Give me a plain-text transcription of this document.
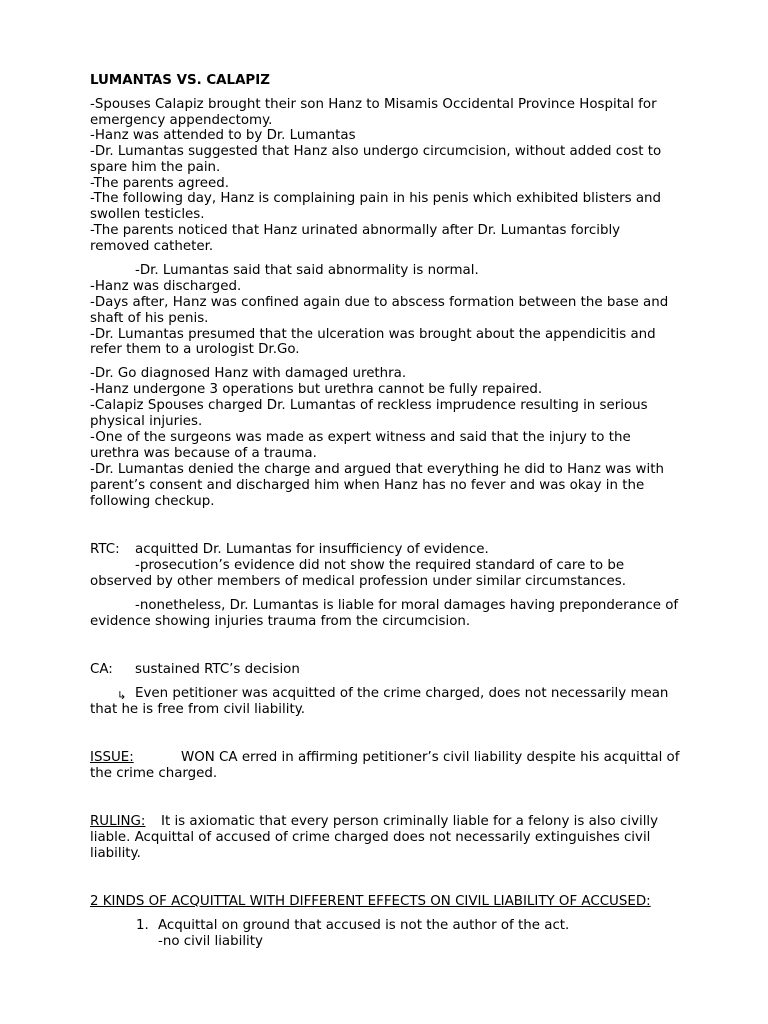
LUMANTAS VS. CALAPIZ
-Spouses Calapiz brought their son Hanz to Misamis Occidental Province Hospital for
emergency appendectomy.
-Hanz was attended to by Dr. Lumantas
-Dr. Lumantas suggested that Hanz also undergo circumcision, without added cost to
spare him the pain.
-The parents agreed.
-The following day, Hanz is complaining pain in his penis which exhibited blisters and
swollen testicles.
-The parents noticed that Hanz urinated abnormally after Dr. Lumantas forcibly
removed catheter.
-Dr. Lumantas said that said abnormality is normal.
-Hanz was discharged.
-Days after, Hanz was confined again due to abscess formation between the base and
shaft of his penis.
-Dr. Lumantas presumed that the ulceration was brought about the appendicitis and
refer them to a urologist Dr.Go.
-Dr. Go diagnosed Hanz with damaged urethra.
-Hanz undergone 3 operations but urethra cannot be fully repaired.
-Calapiz Spouses charged Dr. Lumantas of reckless imprudence resulting in serious
physical injuries.
-One of the surgeons was made as expert witness and said that the injury to the
urethra was because of a trauma.
-Dr. Lumantas denied the charge and argued that everything he did to Hanz was with
parent’s consent and discharged him when Hanz has no fever and was okay in the
following checkup.
RTC: acquitted Dr. Lumantas for insufficiency of evidence.
-prosecution’s evidence did not show the required standard of care to be
observed by other members of medical profession under similar circumstances.
-nonetheless, Dr. Lumantas is liable for moral damages having preponderance of
evidence showing injuries trauma from the circumcision.
CA: sustained RTC’s decision
↳ Even petitioner was acquitted of the crime charged, does not necessarily mean
that he is free from civil liability.
ISSUE:	WON CA erred in affirming petitioner’s civil liability despite his acquittal of
the crime charged.
RULING: It is axiomatic that every person criminally liable for a felony is also civilly
liable. Acquittal of accused of crime charged does not necessarily extinguishes civil
liability.
2 KINDS OF ACQUITTAL WITH DIFFERENT EFFECTS ON CIVIL LIABILITY OF ACCUSED:
1. Acquittal on ground that accused is not the author of the act.
-no civil liability
